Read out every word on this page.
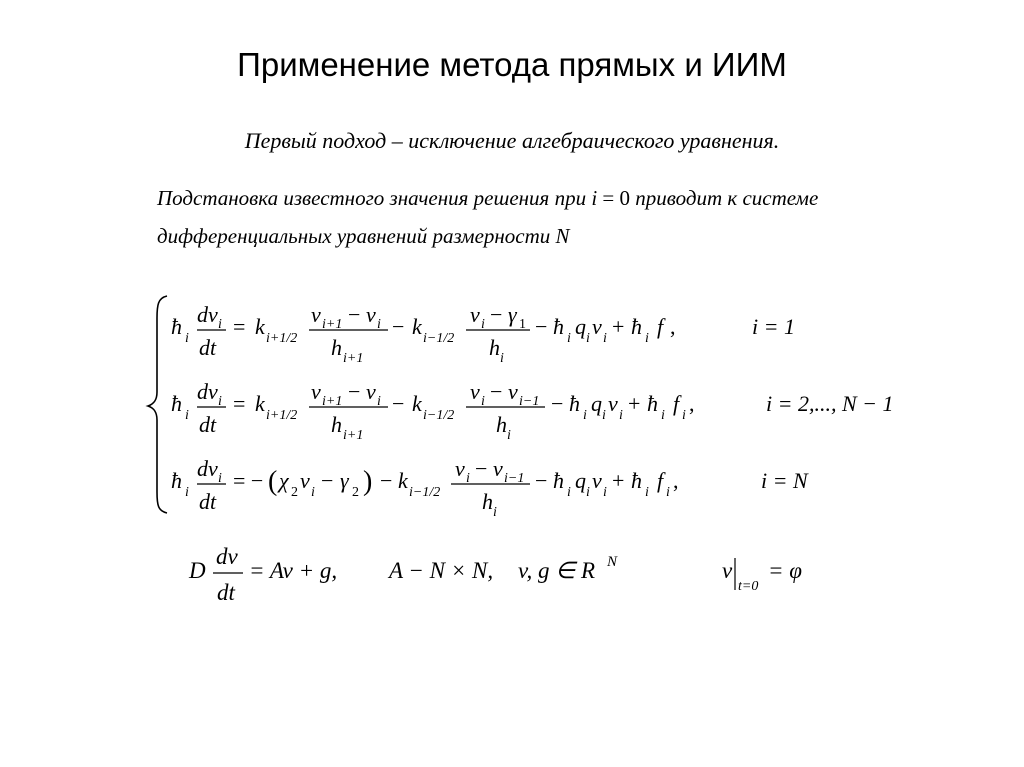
Применение метода прямых и ИИМ
Первый подход – исключение алгебраического уравнения.
Подстановка известного значения решения при i = 0 приводит к системе
дифференциальных уравнений размерности N
ħ i
dv i
dt
= k i+1/2
v i+1 − v i
h i+1
− k i−1/2
v i − γ 1
h i
− ħ i q i v i + ħ i f ,	i = 1
ħ i
dv i
dt
= k i+1/2
v i+1 − v i
h i+1
− k i−1/2
v i − v i−1
h i
− ħ i q i v i + ħ i f i ,	i = 2,..., N − 1
ħ i
dv i
dt
= − ( χ 2 v i − γ 2 ) − k i−1/2
v i − v i−1
h i
− ħ i q i v i + ħ i f i ,	i = N
D
dv
dt
= Av + g, A − N × N, v, g ∈ R N	v
t=0
= φ
